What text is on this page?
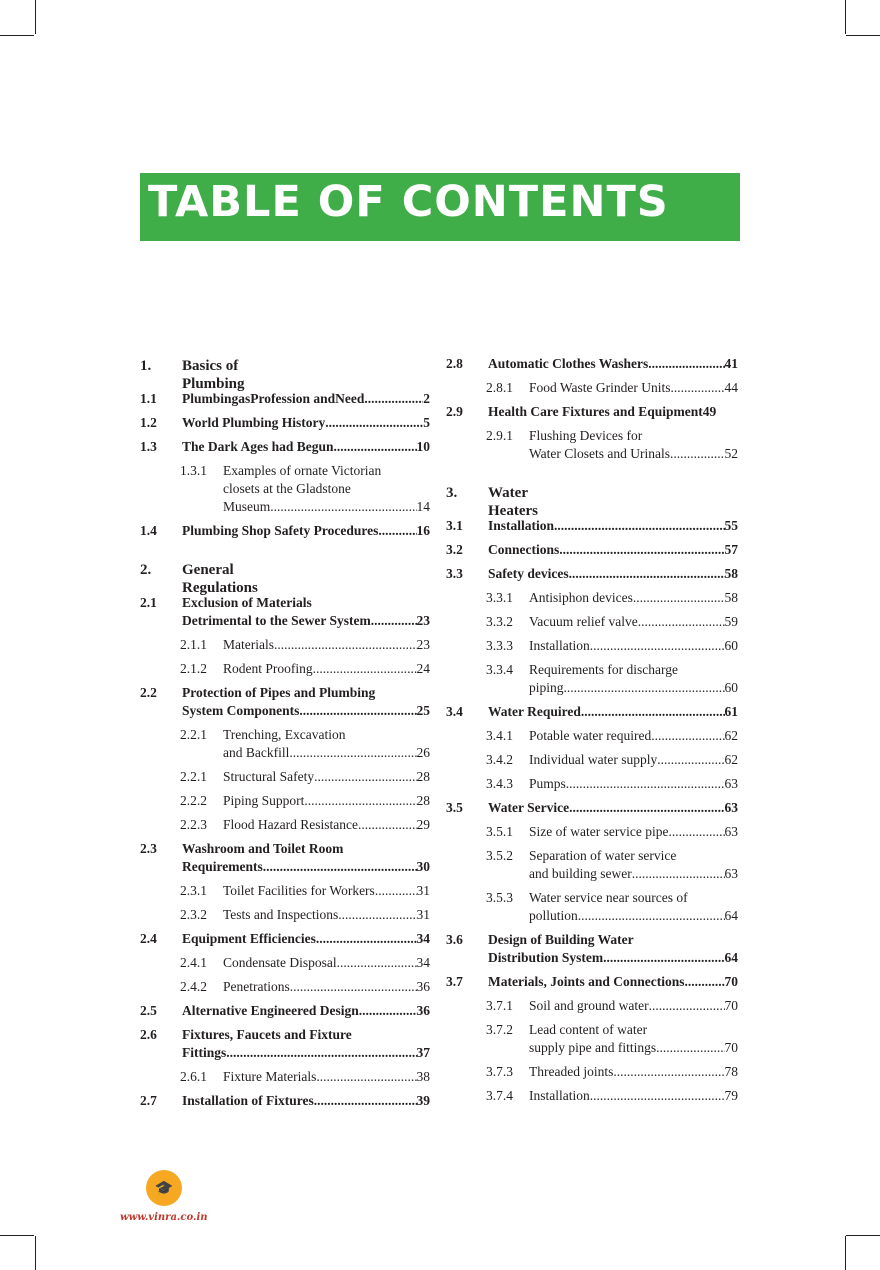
TABLE OF CONTENTS
1. Basics of Plumbing
1.1 PlumbingasProfession andNeed .....	2
1.2 World Plumbing History .....	5
1.3 The Dark Ages had Begun .....	10
1.3.1 Examples of ornate Victorian
closets at the Gladstone
Museum .....	14
1.4 Plumbing Shop Safety Procedures .....	16
2. General Regulations
2.1 Exclusion of Materials
Detrimental to the Sewer System .....	23
2.1.1 Materials .....	23
2.1.2 Rodent Proofing .....	24
2.2 Protection of Pipes and Plumbing
System Components .....	25
2.2.1 Trenching, Excavation
and Backfill .....	26
2.2.1 Structural Safety .....	28
2.2.2 Piping Support .....	28
2.2.3 Flood Hazard Resistance .....	29
2.3 Washroom and Toilet Room
Requirements .....	30
2.3.1 Toilet Facilities for Workers .....	31
2.3.2 Tests and Inspections .....	31
2.4 Equipment Efficiencies .....	34
2.4.1 Condensate Disposal .....	34
2.4.2 Penetrations .....	36
2.5 Alternative Engineered Design .....	36
2.6 Fixtures, Faucets and Fixture
Fittings .....	37
2.6.1 Fixture Materials .....	38
2.7 Installation of Fixtures .....	39
2.8 Automatic Clothes Washers .....	41
2.8.1 Food Waste Grinder Units .....	44
2.9 Health Care Fixtures and Equipment 49
2.9.1 Flushing Devices for
Water Closets and Urinals .....	52
3. Water Heaters
3.1 Installation .....	55
3.2 Connections .....	57
3.3 Safety devices .....	58
3.3.1 Antisiphon devices .....	58
3.3.2 Vacuum relief valve .....	59
3.3.3 Installation .....	60
3.3.4 Requirements for discharge
piping .....	60
3.4 Water Required .....	61
3.4.1 Potable water required .....	62
3.4.2 Individual water supply .....	62
3.4.3 Pumps .....	63
3.5 Water Service .....	63
3.5.1 Size of water service pipe .....	63
3.5.2 Separation of water service
and building sewer .....	63
3.5.3 Water service near sources of
pollution .....	64
3.6 Design of Building Water
Distribution System .....	64
3.7 Materials, Joints and Connections .....	70
3.7.1 Soil and ground water .....	70
3.7.2 Lead content of water
supply pipe and fittings .....	70
3.7.3 Threaded joints .....	78
3.7.4 Installation .....	79
🎓
www.vinra.co.in
